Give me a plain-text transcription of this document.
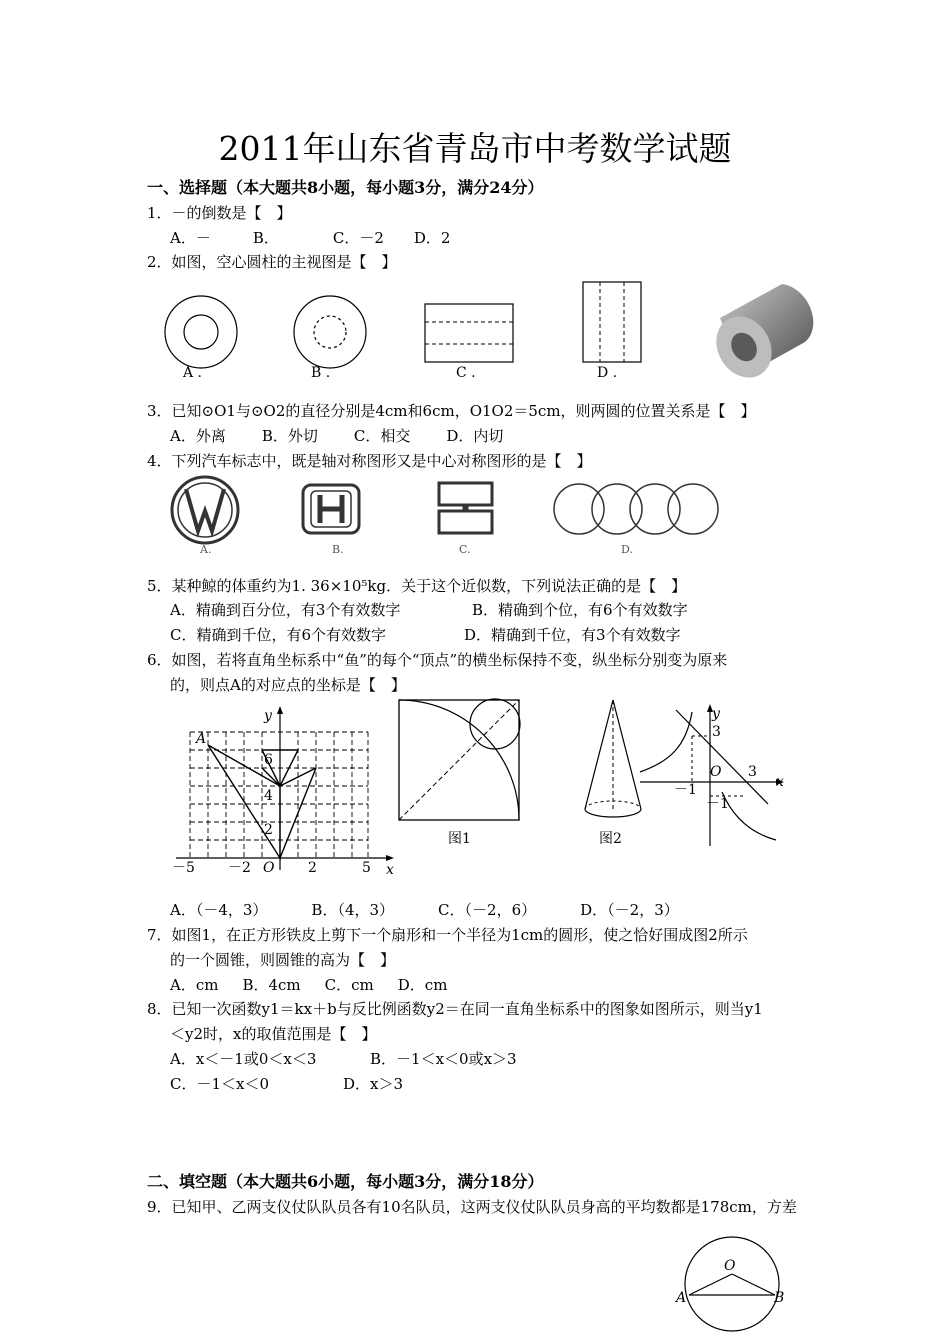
2011年山东省青岛市中考数学试题
一、选择题（本大题共8小题，每小题3分，满分24分）
1．－的倒数是【　】
A．－	B．	C．－2 D．2
2．如图，空心圆柱的主视图是【　】
A .	B .	C .	D .
3．已知⊙O1与⊙O2的直径分别是4cm和6cm，O1O2＝5cm，则两圆的位置关系是【　】
A．外离 B．外切 C．相交 D．内切
4．下列汽车标志中，既是轴对称图形又是中心对称图形的是【　】
A.	B.	C.	D.
5．某种鲸的体重约为1. 36×10⁵kg．关于这个近似数，下列说法正确的是【　】
A．精确到百分位，有3个有效数字	B．精确到个位，有6个有效数字
C．精确到千位，有6个有效数字	D．精确到千位，有3个有效数字
6．如图，若将直角坐标系中“鱼”的每个“顶点”的横坐标保持不变，纵坐标分别变为原来
的，则点A的对应点的坐标是【　】
y
x
A
6
4
2
O
－5 －2	2	5
图1	图2
y
x
O
3
3
－1
－1
A．（－4，3）	B．（4，3）	C．（－2，6）	D．（－2，3）
7．如图1，在正方形铁皮上剪下一个扇形和一个半径为1cm的圆形，使之恰好围成图2所示
的一个圆锥，则圆锥的高为【　】
A．cm B．4cm C．cm D．cm
8．已知一次函数y1＝kx＋b与反比例函数y2＝在同一直角坐标系中的图象如图所示，则当y1
＜y2时，x的取值范围是【　】
A．x＜－1或0＜x＜3	B．－1＜x＜0或x＞3
C．－1＜x＜0	D．x＞3
二、填空题（本大题共6小题，每小题3分，满分18分）
9．已知甲、乙两支仪仗队队员各有10名队员，这两支仪仗队队员身高的平均数都是178cm，方差
O
A	B
